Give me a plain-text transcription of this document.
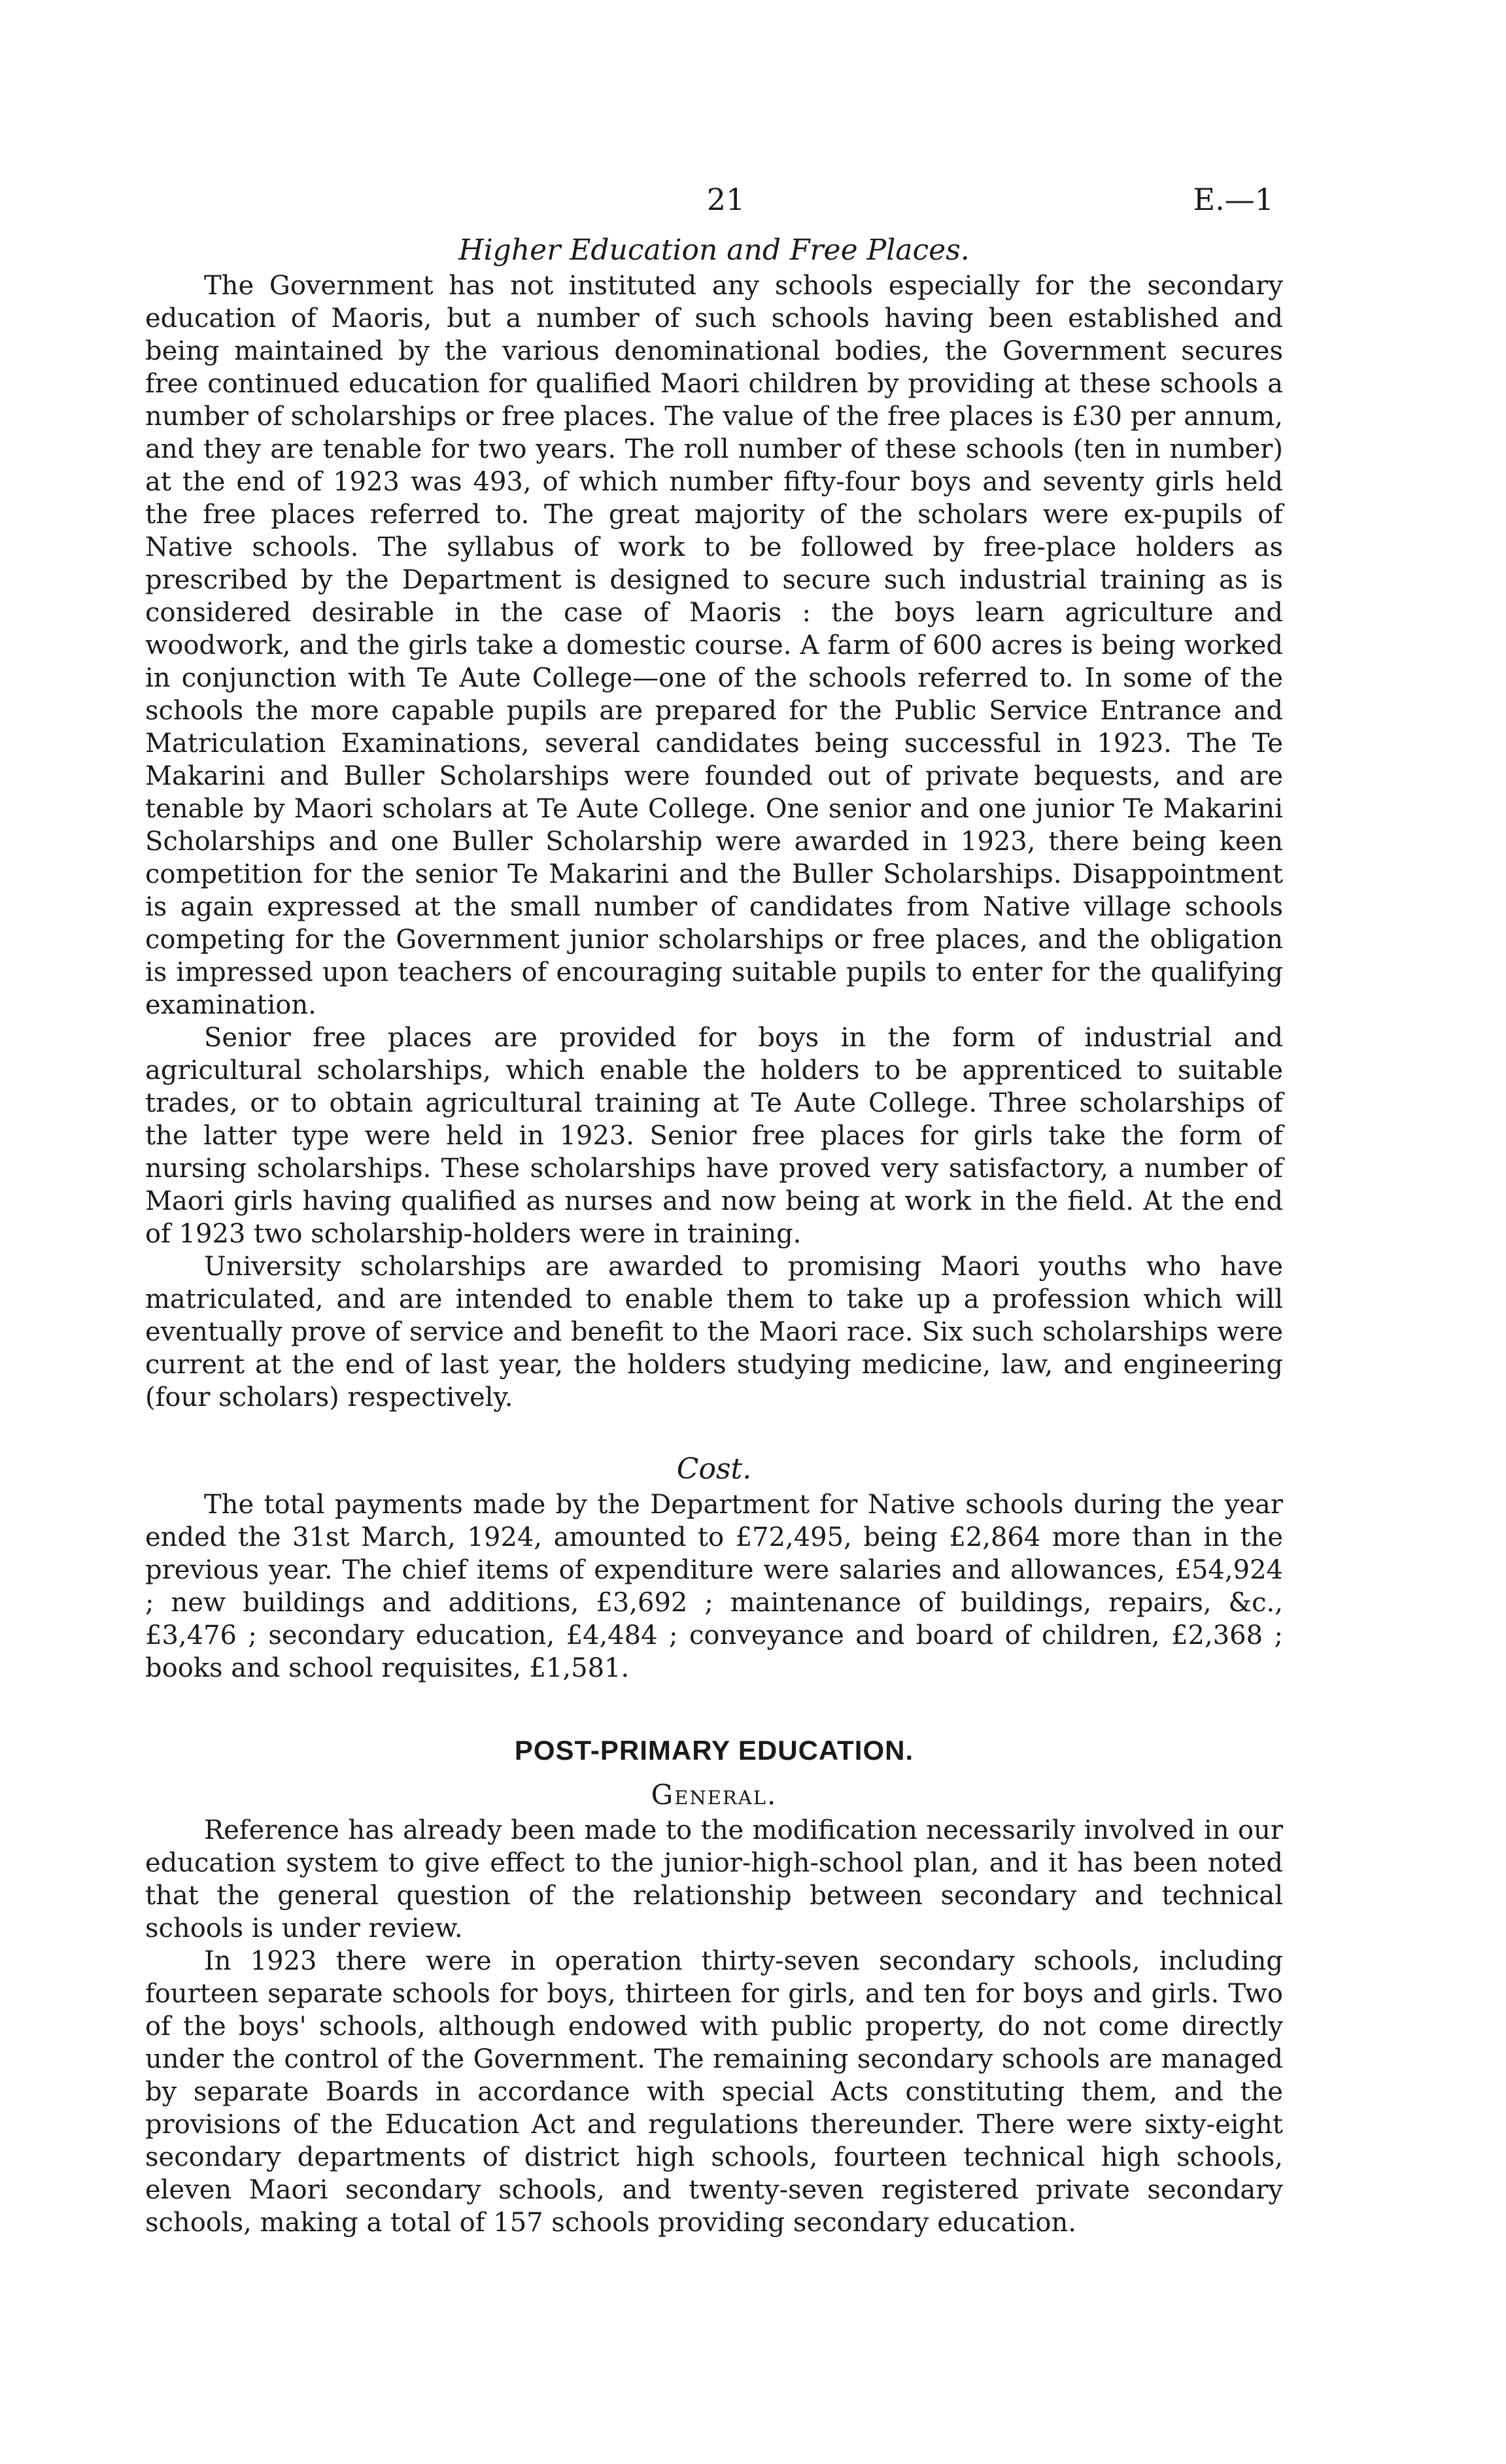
21	E.—1
Higher Education and Free Places.

The Government has not instituted any schools especially for the secondary education of Maoris, but a number of such schools having been established and being maintained by the various denominational bodies, the Government secures free continued education for qualified Maori children by providing at these schools a number of scholarships or free places. The value of the free places is £30 per annum, and they are tenable for two years. The roll number of these schools (ten in number) at the end of 1923 was 493, of which number fifty-four boys and seventy girls held the free places referred to. The great majority of the scholars were ex-pupils of Native schools. The syllabus of work to be followed by free-place holders as prescribed by the Department is designed to secure such industrial training as is considered desirable in the case of Maoris : the boys learn agriculture and woodwork, and the girls take a domestic course. A farm of 600 acres is being worked in conjunction with Te Aute College—one of the schools referred to. In some of the schools the more capable pupils are prepared for the Public Service Entrance and Matriculation Examinations, several candidates being successful in 1923. The Te Makarini and Buller Scholarships were founded out of private bequests, and are tenable by Maori scholars at Te Aute College. One senior and one junior Te Makarini Scholarships and one Buller Scholarship were awarded in 1923, there being keen competition for the senior Te Makarini and the Buller Scholarships. Disappointment is again expressed at the small number of candidates from Native village schools competing for the Government junior scholarships or free places, and the obligation is impressed upon teachers of encouraging suitable pupils to enter for the qualifying examination.

Senior free places are provided for boys in the form of industrial and agricultural scholarships, which enable the holders to be apprenticed to suitable trades, or to obtain agricultural training at Te Aute College. Three scholarships of the latter type were held in 1923. Senior free places for girls take the form of nursing scholarships. These scholarships have proved very satisfactory, a number of Maori girls having qualified as nurses and now being at work in the field. At the end of 1923 two scholarship-holders were in training.

University scholarships are awarded to promising Maori youths who have matriculated, and are intended to enable them to take up a profession which will eventually prove of service and benefit to the Maori race. Six such scholarships were current at the end of last year, the holders studying medicine, law, and engineering (four scholars) respectively.

Cost.

The total payments made by the Department for Native schools during the year ended the 31st March, 1924, amounted to £72,495, being £2,864 more than in the previous year. The chief items of expenditure were salaries and allowances, £54,924 ; new buildings and additions, £3,692 ; maintenance of buildings, repairs, &c., £3,476 ; secondary education, £4,484 ; conveyance and board of children, £2,368 ; books and school requisites, £1,581.

POST-PRIMARY EDUCATION.
General.

Reference has already been made to the modification necessarily involved in our education system to give effect to the junior-high-school plan, and it has been noted that the general question of the relationship between secondary and technical schools is under review.

In 1923 there were in operation thirty-seven secondary schools, including fourteen separate schools for boys, thirteen for girls, and ten for boys and girls. Two of the boys' schools, although endowed with public property, do not come directly under the control of the Government. The remaining secondary schools are managed by separate Boards in accordance with special Acts constituting them, and the provisions of the Education Act and regulations thereunder. There were sixty-eight secondary departments of district high schools, fourteen technical high schools, eleven Maori secondary schools, and twenty-seven registered private secondary schools, making a total of 157 schools providing secondary education.
